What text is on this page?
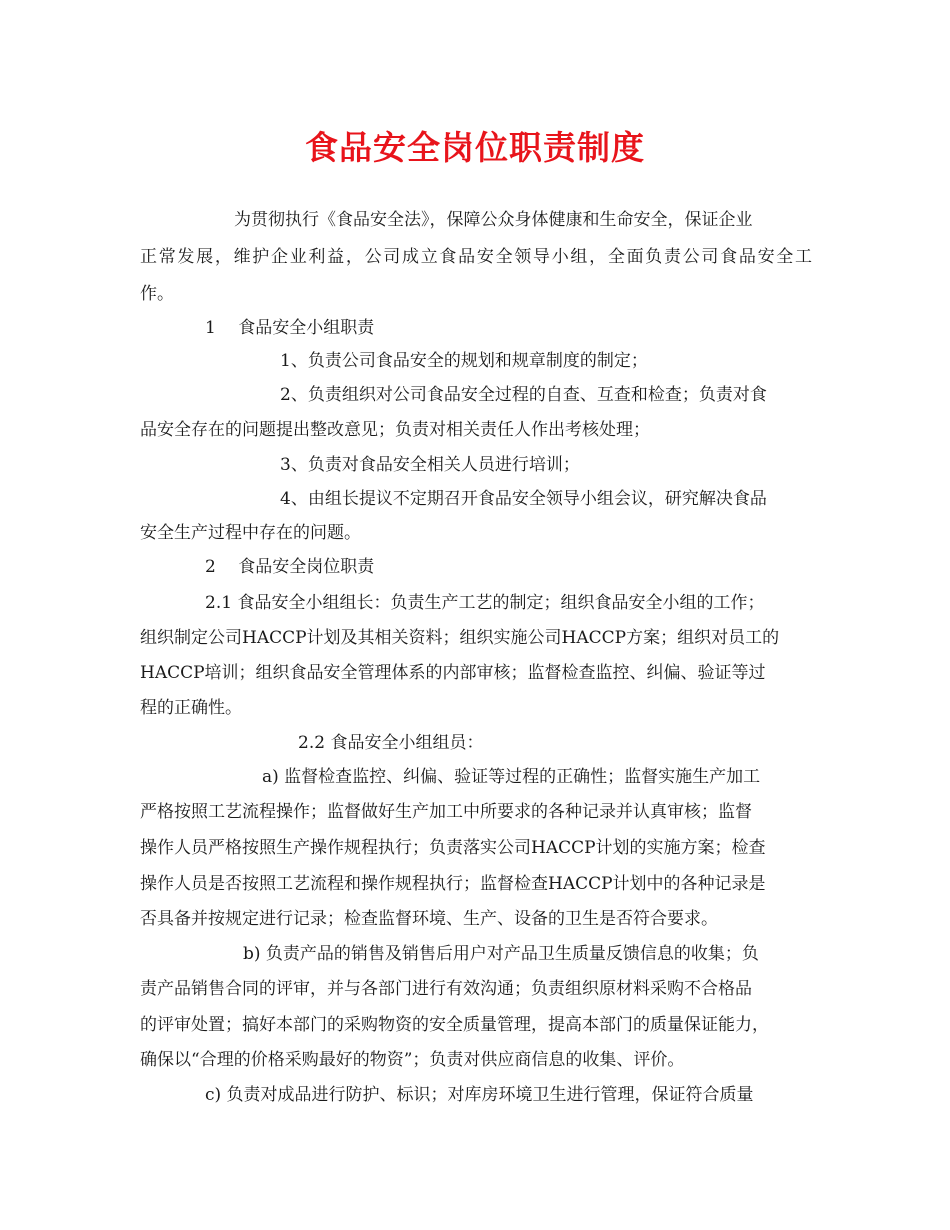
食品安全岗位职责制度

为贯彻执行《食品安全法》，保障公众身体健康和生命安全，保证企业

正常发展，维护企业利益，公司成立食品安全领导小组，全面负责公司食品安全工

作。

1　 食品安全小组职责

1、负责公司食品安全的规划和规章制度的制定；

2、负责组织对公司食品安全过程的自查、互查和检查；负责对食

品安全存在的问题提出整改意见；负责对相关责任人作出考核处理；

3、负责对食品安全相关人员进行培训；

4、由组长提议不定期召开食品安全领导小组会议，研究解决食品

安全生产过程中存在的问题。

2　 食品安全岗位职责

2.1 食品安全小组组长：负责生产工艺的制定；组织食品安全小组的工作；

组织制定公司HACCP计划及其相关资料；组织实施公司HACCP方案；组织对员工的

HACCP培训；组织食品安全管理体系的内部审核；监督检查监控、纠偏、验证等过

程的正确性。

2.2 食品安全小组组员：

a) 监督检查监控、纠偏、验证等过程的正确性；监督实施生产加工

严格按照工艺流程操作；监督做好生产加工中所要求的各种记录并认真审核；监督

操作人员严格按照生产操作规程执行；负责落实公司HACCP计划的实施方案；检查

操作人员是否按照工艺流程和操作规程执行；监督检查HACCP计划中的各种记录是

否具备并按规定进行记录；检查监督环境、生产、设备的卫生是否符合要求。

b) 负责产品的销售及销售后用户对产品卫生质量反馈信息的收集；负

责产品销售合同的评审，并与各部门进行有效沟通；负责组织原材料采购不合格品

的评审处置；搞好本部门的采购物资的安全质量管理，提高本部门的质量保证能力，

确保以“合理的价格采购最好的物资”；负责对供应商信息的收集、评价。

c) 负责对成品进行防护、标识；对库房环境卫生进行管理，保证符合质量
